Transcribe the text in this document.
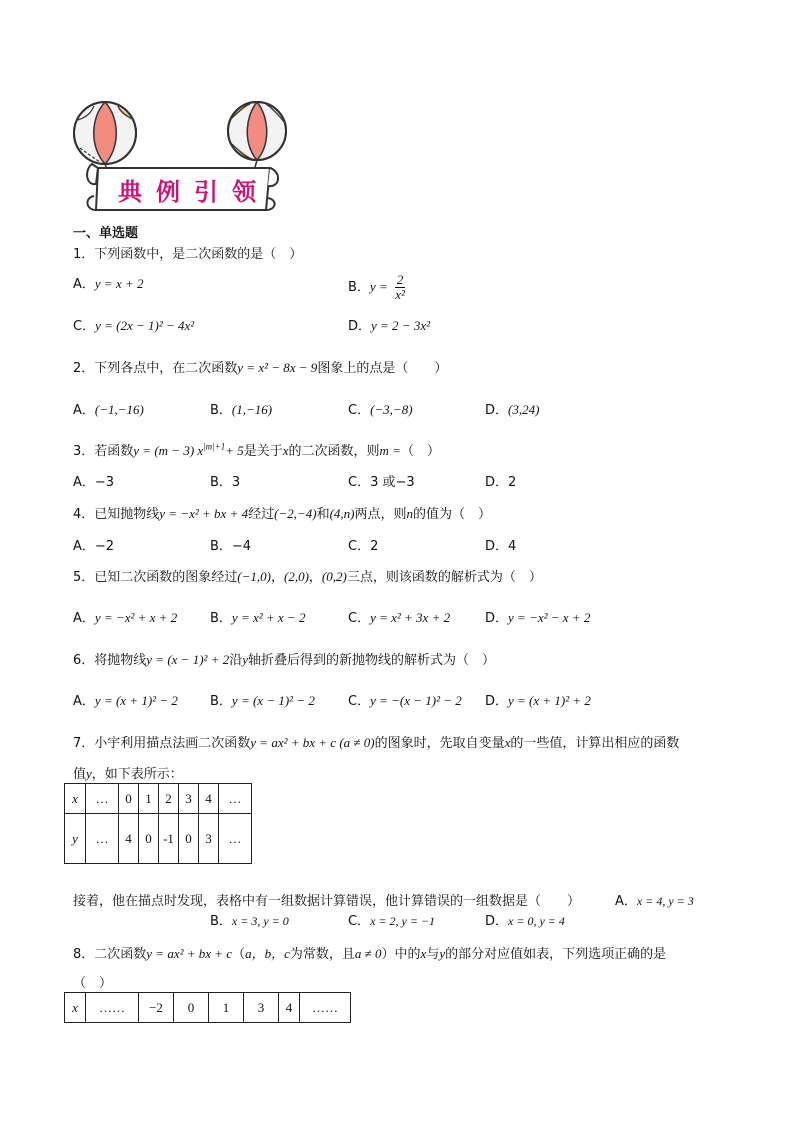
典例引领
一、单选题
1．下列函数中，是二次函数的是（　）
A．y = x + 2	B．$y = \frac{2}{\text{x²}}$
C．y = (2x − 1)² − 4x²	D．y = 2 − 3x²
2．下列各点中，在二次函数y = x² − 8x − 9图象上的点是（　　）
A．(−1,−16)	B．(1,−16)	C．(−3,−8)	D．(3,24)
3．若函数y = (m − 3) $x^{|m|+1}+ 5$是关于x的二次函数，则m =（　）
A．−3	B．3	C．3 或−3	D．2
4．已知抛物线y = −x² + bx + 4经过(−2,−4)和(4,n)两点，则n的值为（　）
A．−2	B．−4	C．2	D．4
5．已知二次函数的图象经过(−1,0)，(2,0)，(0,2)三点，则该函数的解析式为（　）
A．y = −x² + x + 2	B．y = x² + x − 2	C．y = x² + 3x + 2	D．y = −x² − x + 2
6．将抛物线y = (x − 1)² + 2沿y轴折叠后得到的新抛物线的解析式为（　）
A．y = (x + 1)² − 2 B．y = (x − 1)² − 2	C．y = −(x − 1)² − 2 D．y = (x + 1)² + 2
7．小宇利用描点法画二次函数y = ax² + bx + c (a ≠ 0)的图象时，先取自变量x的一些值，计算出相应的函数
值y，如下表所示：
x	…	0	1	2	3	4	…
y	…	4	0	-1	0	3	…
接着，他在描点时发现，表格中有一组数据计算错误，他计算错误的一组数据是（　　）	A．x = 4, y = 3
B．x = 3, y = 0	C．x = 2, y = −1	D．x = 0, y = 4
8．二次函数y = ax² + bx + c（a，b，c为常数，且a ≠ 0）中的x与y的部分对应值如表，下列选项正确的是
（　）
x	……	−2	0	1	3	4	……
